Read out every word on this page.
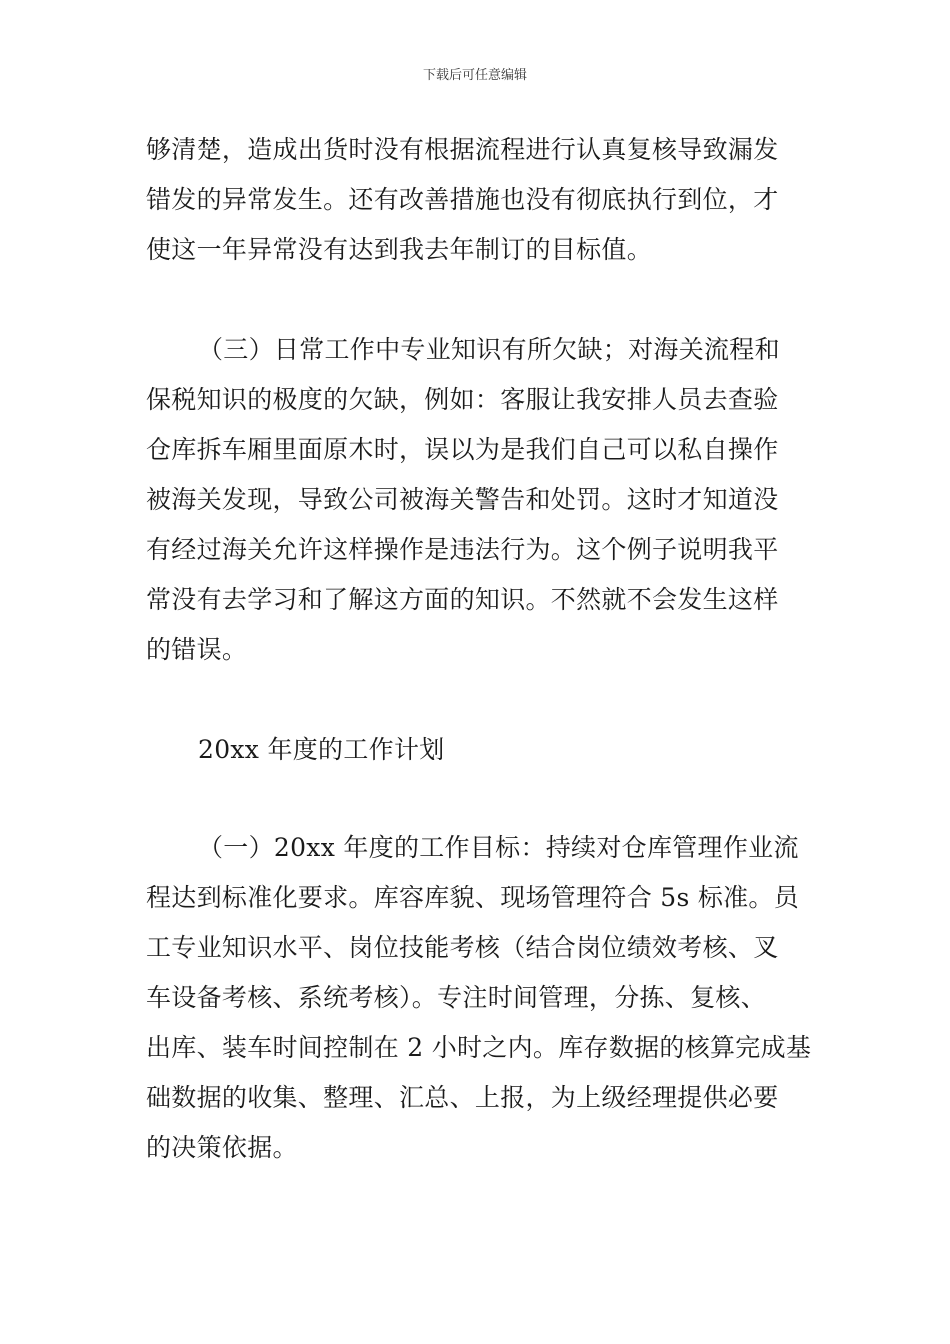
下载后可任意编辑
够清楚，造成出货时没有根据流程进行认真复核导致漏发
错发的异常发生。还有改善措施也没有彻底执行到位，才
使这一年异常没有达到我去年制订的目标值。
（三）日常工作中专业知识有所欠缺；对海关流程和
保税知识的极度的欠缺，例如：客服让我安排人员去查验
仓库拆车厢里面原木时，误以为是我们自己可以私自操作
被海关发现，导致公司被海关警告和处罚。这时才知道没
有经过海关允许这样操作是违法行为。这个例子说明我平
常没有去学习和了解这方面的知识。不然就不会发生这样
的错误。
20xx 年度的工作计划
（一）20xx 年度的工作目标：持续对仓库管理作业流
程达到标准化要求。库容库貌、现场管理符合 5s 标准。员
工专业知识水平、岗位技能考核（结合岗位绩效考核、叉
车设备考核、系统考核）。专注时间管理，分拣、复核、
出库、装车时间控制在 2 小时之内。库存数据的核算完成基
础数据的收集、整理、汇总、上报，为上级经理提供必要
的决策依据。
